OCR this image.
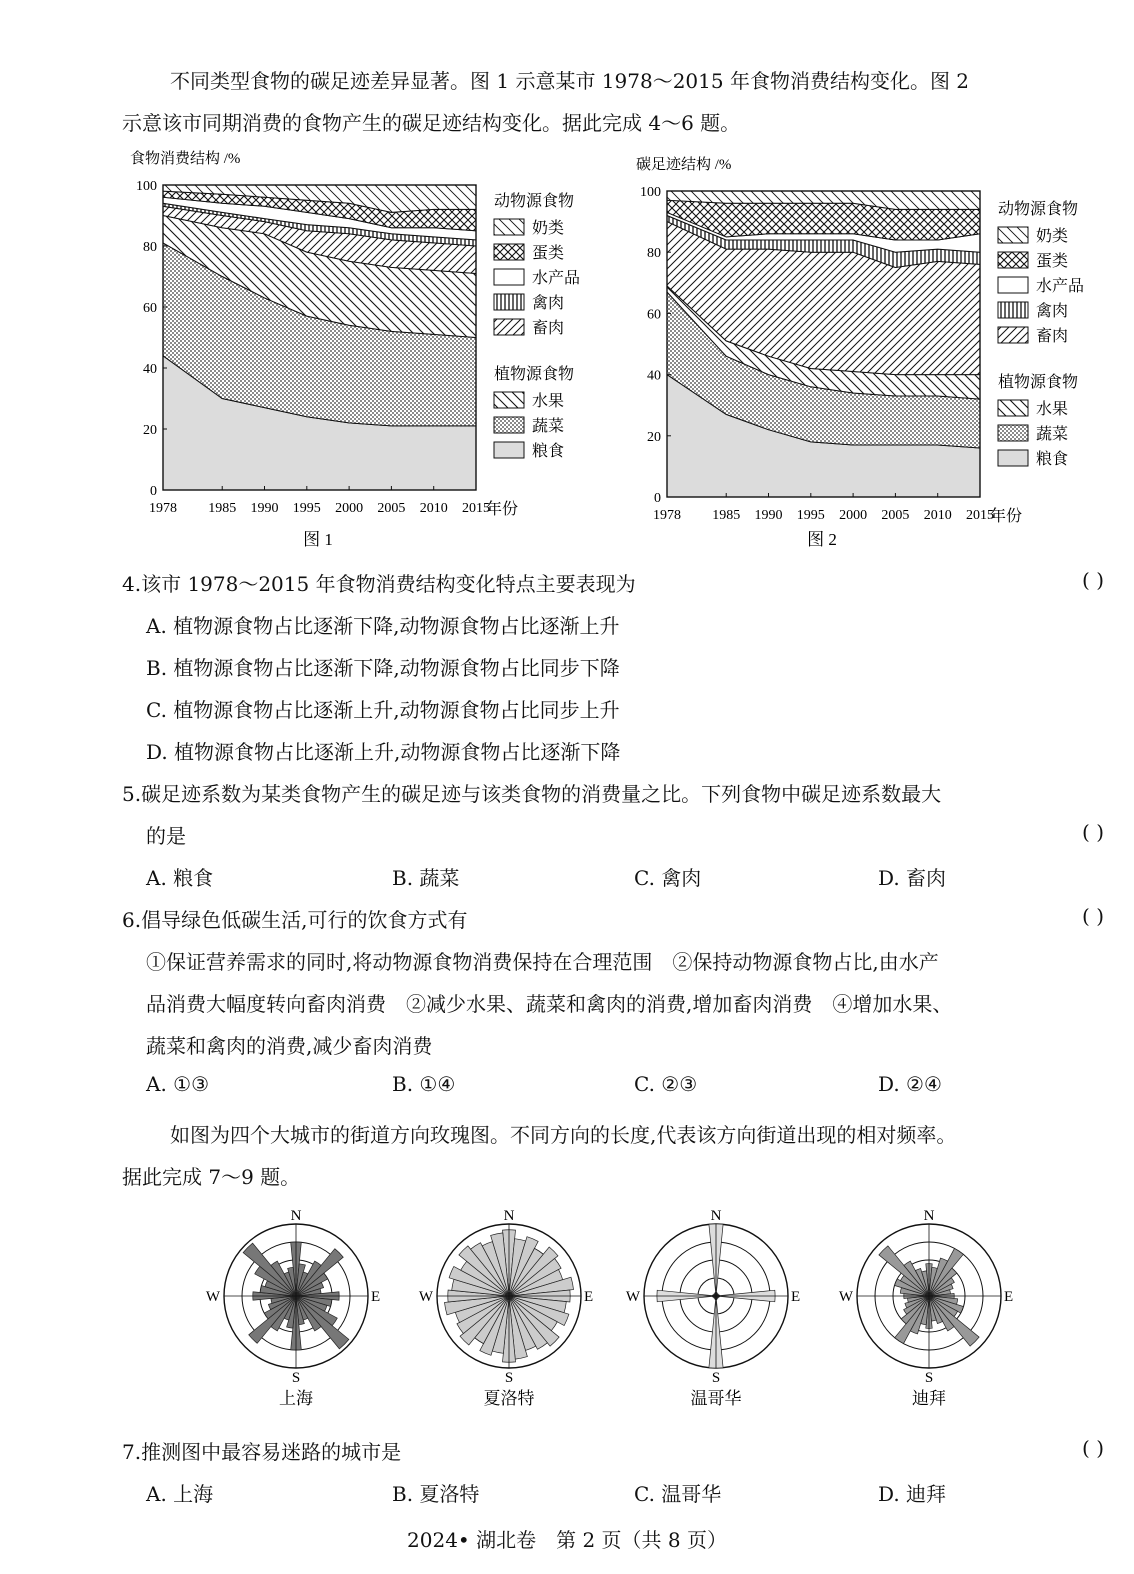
不同类型食物的碳足迹差异显著。图 1 示意某市 1978～2015 年食物消费结构变化。图 2
示意该市同期消费的食物产生的碳足迹结构变化。据此完成 4～6 题。
食物消费结构 /%
0
20
40
60
80
100
1978 1985 1990 1995 2000 2005 2010 2015
年份
动物源食物
奶类
蛋类
水产品
禽肉
畜肉
植物源食物
水果
蔬菜
粮食
碳足迹结构 /%
0
20
40
60
80
100
1978 1985 1990 1995 2000 2005 2010 2015
年份
动物源食物
奶类
蛋类
水产品
禽肉
畜肉
植物源食物
水果
蔬菜
粮食
图 1	图 2
4.该市 1978～2015 年食物消费结构变化特点主要表现为	( )
A. 植物源食物占比逐渐下降,动物源食物占比逐渐上升
B. 植物源食物占比逐渐下降,动物源食物占比同步下降
C. 植物源食物占比逐渐上升,动物源食物占比同步上升
D. 植物源食物占比逐渐上升,动物源食物占比逐渐下降
5.碳足迹系数为某类食物产生的碳足迹与该类食物的消费量之比。下列食物中碳足迹系数最大
的是	( )
A. 粮食	B. 蔬菜	C. 禽肉	D. 畜肉
6.倡导绿色低碳生活,可行的饮食方式有	( )
①保证营养需求的同时,将动物源食物消费保持在合理范围　②保持动物源食物占比,由水产
品消费大幅度转向畜肉消费　②减少水果、蔬菜和禽肉的消费,增加畜肉消费　④增加水果、
蔬菜和禽肉的消费,减少畜肉消费
A. ①③	B. ①④	C. ②③	D. ②④
如图为四个大城市的街道方向玫瑰图。不同方向的长度,代表该方向街道出现的相对频率。
据此完成 7～9 题。
N
S
W	E
上海
N
S
W	E
夏洛特
N
S
W	E
温哥华
N
S
W	E
迪拜
7.推测图中最容易迷路的城市是	( )
A. 上海	B. 夏洛特	C. 温哥华	D. 迪拜
2024• 湖北卷　第 2 页（共 8 页）
